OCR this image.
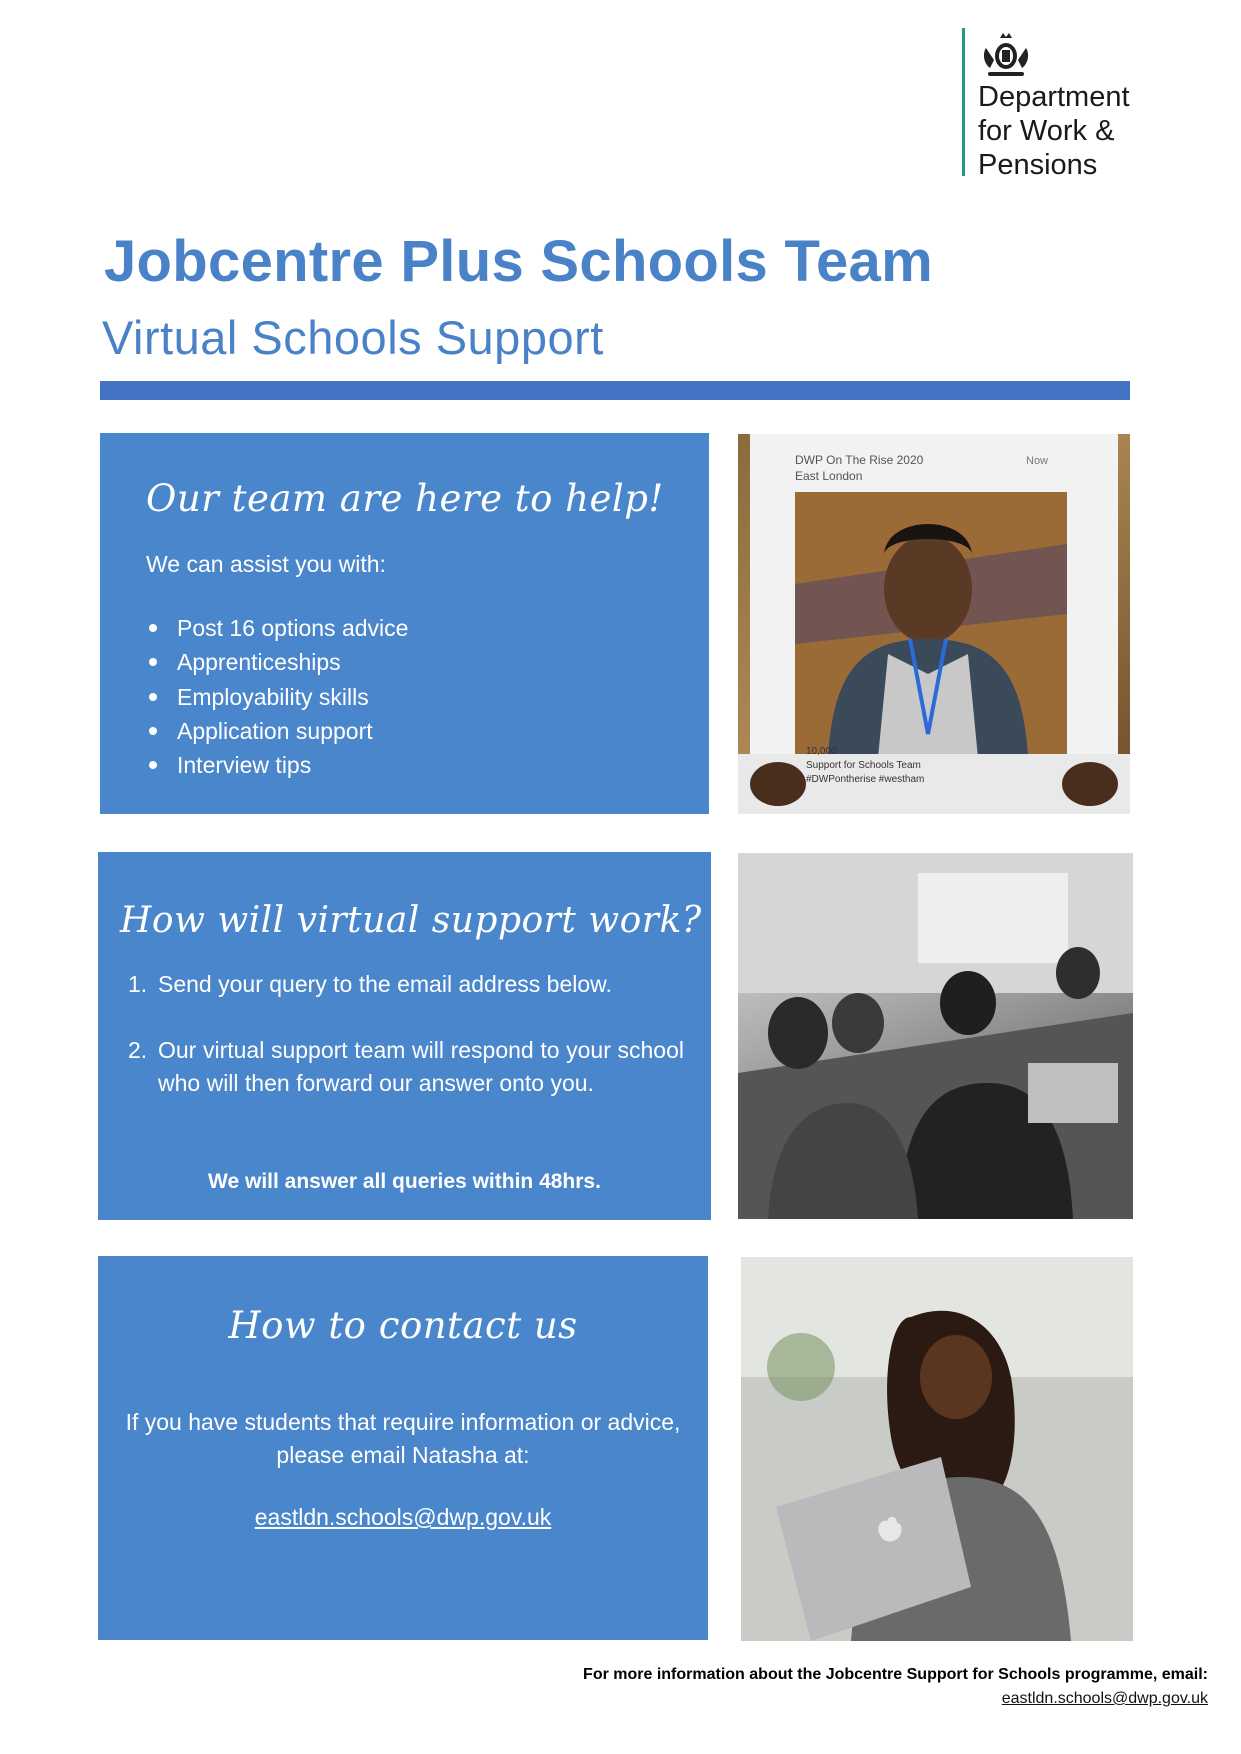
Department
for Work &
Pensions
Jobcentre Plus Schools Team
Virtual Schools Support
Our team are here to help!
We can assist you with:
Post 16 options advice
Apprenticeships
Employability skills
Application support
Interview tips
DWP On The Rise 2020
East London
Now
10,000
Support for Schools Team
#DWPontherise #westham
How will virtual support work?
1. Send your query to the email address below.
2. Our virtual support team will respond to your school who will then forward our answer onto you.
We will answer all queries within 48hrs.
How to contact us
If you have students that require information or advice, please email Natasha at:
eastldn.schools@dwp.gov.uk
For more information about the Jobcentre Support for Schools programme, email:
eastldn.schools@dwp.gov.uk
